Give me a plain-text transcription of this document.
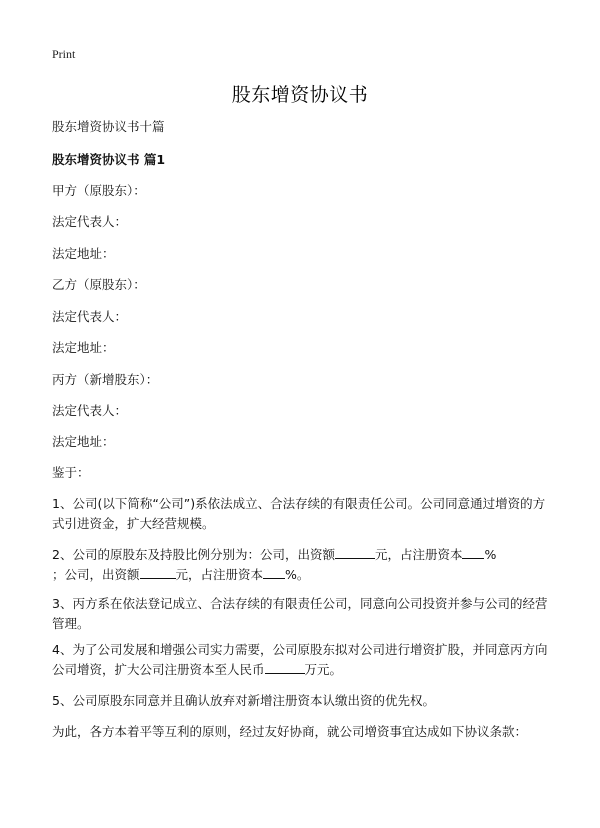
Print
股东增资协议书
股东增资协议书十篇
股东增资协议书 篇1
甲方（原股东）：
法定代表人：
法定地址：
乙方（原股东）：
法定代表人：
法定地址：
丙方（新增股东）：
法定代表人：
法定地址：
鉴于：
1、公司(以下简称“公司”)系依法成立、合法存续的有限责任公司。公司同意通过增资的方式引进资金，扩大经营规模。
2、公司的原股东及持股比例分别为：公司，出资额	元，占注册资本 %
；公司，出资额	元，占注册资本 %。
3、丙方系在依法登记成立、合法存续的有限责任公司，同意向公司投资并参与公司的经营管理。
4、为了公司发展和增强公司实力需要，公司原股东拟对公司进行增资扩股，并同意丙方向公司增资，扩大公司注册资本至人民币	万元。
5、公司原股东同意并且确认放弃对新增注册资本认缴出资的优先权。
为此，各方本着平等互利的原则，经过友好协商，就公司增资事宜达成如下协议条款：
